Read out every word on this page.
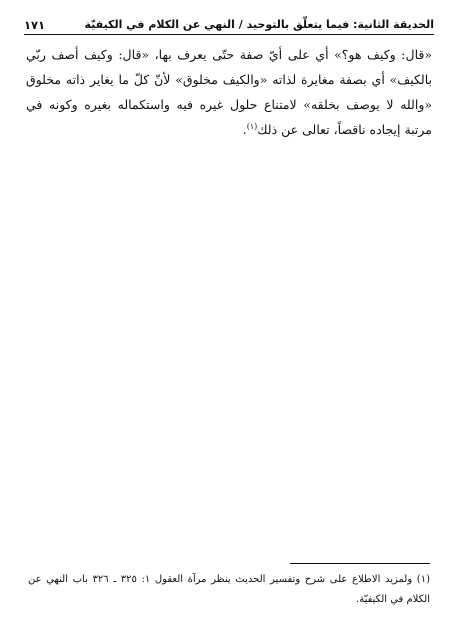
١٧١	الحديقة الثانية: فيما يتعلّق بالتوحيد / النهي عن الكلام في الكيفيّة

«قال: وكيف هو؟» أي على أيّ صفة حتّى يعرف بها، «قال: وكيف أصف ربّي بالكيف» أي بصفة مغايرة لذاته «والكيف مخلوق» لأنّ كلّ ما يغاير ذاته مخلوق «والله لا يوصف بخلقه» لامتناع حلول غيره فيه واستكماله بغيره وكونه في مرتبة إيجاده ناقصاً، تعالى عن ذلك$^{(١)}$.

(١) ولمزيد الاطلاع على شرح وتفسير الحديث ينظر مرآة العقول ١: ٣٢٥ ـ ٣٢٦ باب النهي عن الكلام في الكيفيّة.
